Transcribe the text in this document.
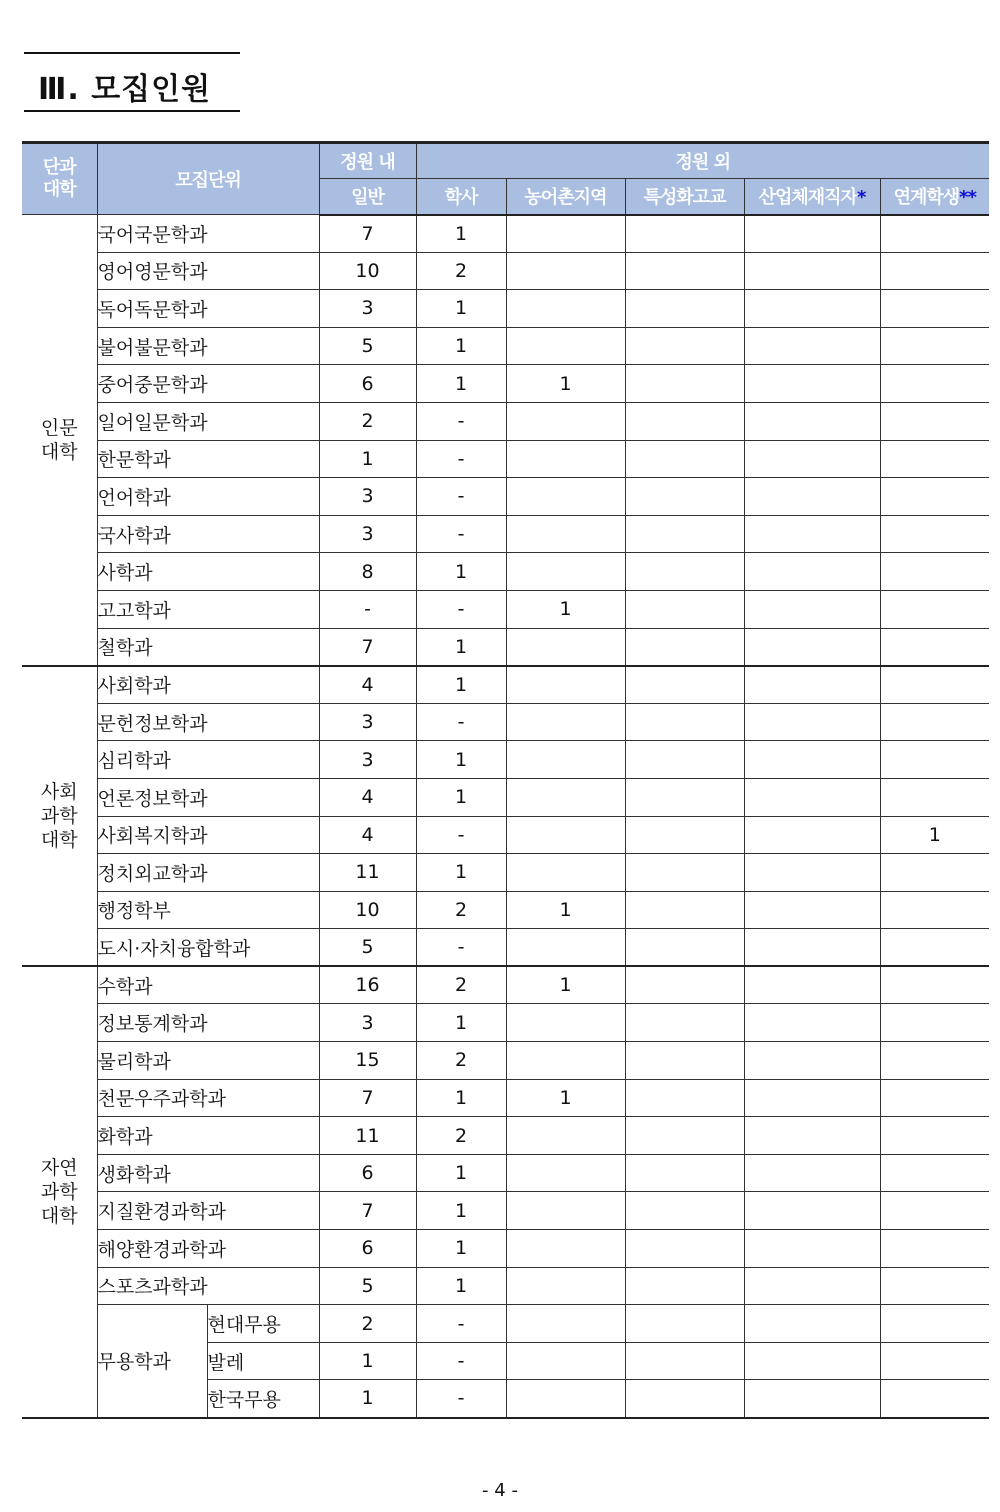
Ⅲ. 모집인원
단과
대학	모집단위		정원 내	정원 외				
			일반	학사	농어촌지역	특성화고교	산업체재직자*	연계학생**
인문
대학	국어국문학과		7	1				
	영어영문학과		10	2				
	독어독문학과		3	1				
	불어불문학과		5	1				
	중어중문학과		6	1	1			
	일어일문학과		2	-				
	한문학과		1	-				
	언어학과		3	-				
	국사학과		3	-				
	사학과		8	1				
	고고학과		-	-	1			
	철학과		7	1				
사회
과학
대학	사회학과		4	1				
	문헌정보학과		3	-				
	심리학과		3	1				
	언론정보학과		4	1				
	사회복지학과		4	-				1
	정치외교학과		11	1				
	행정학부		10	2	1			
	도시·자치융합학과		5	-				
자연
과학
대학	수학과		16	2	1			
	정보통계학과		3	1				
	물리학과		15	2				
	천문우주과학과		7	1	1			
	화학과		11	2				
	생화학과		6	1				
	지질환경과학과		7	1				
	해양환경과학과		6	1				
	스포츠과학과		5	1				
	무용학과	현대무용	2	-				
		발레	1	-				
		한국무용	1	-				
- 4 -
